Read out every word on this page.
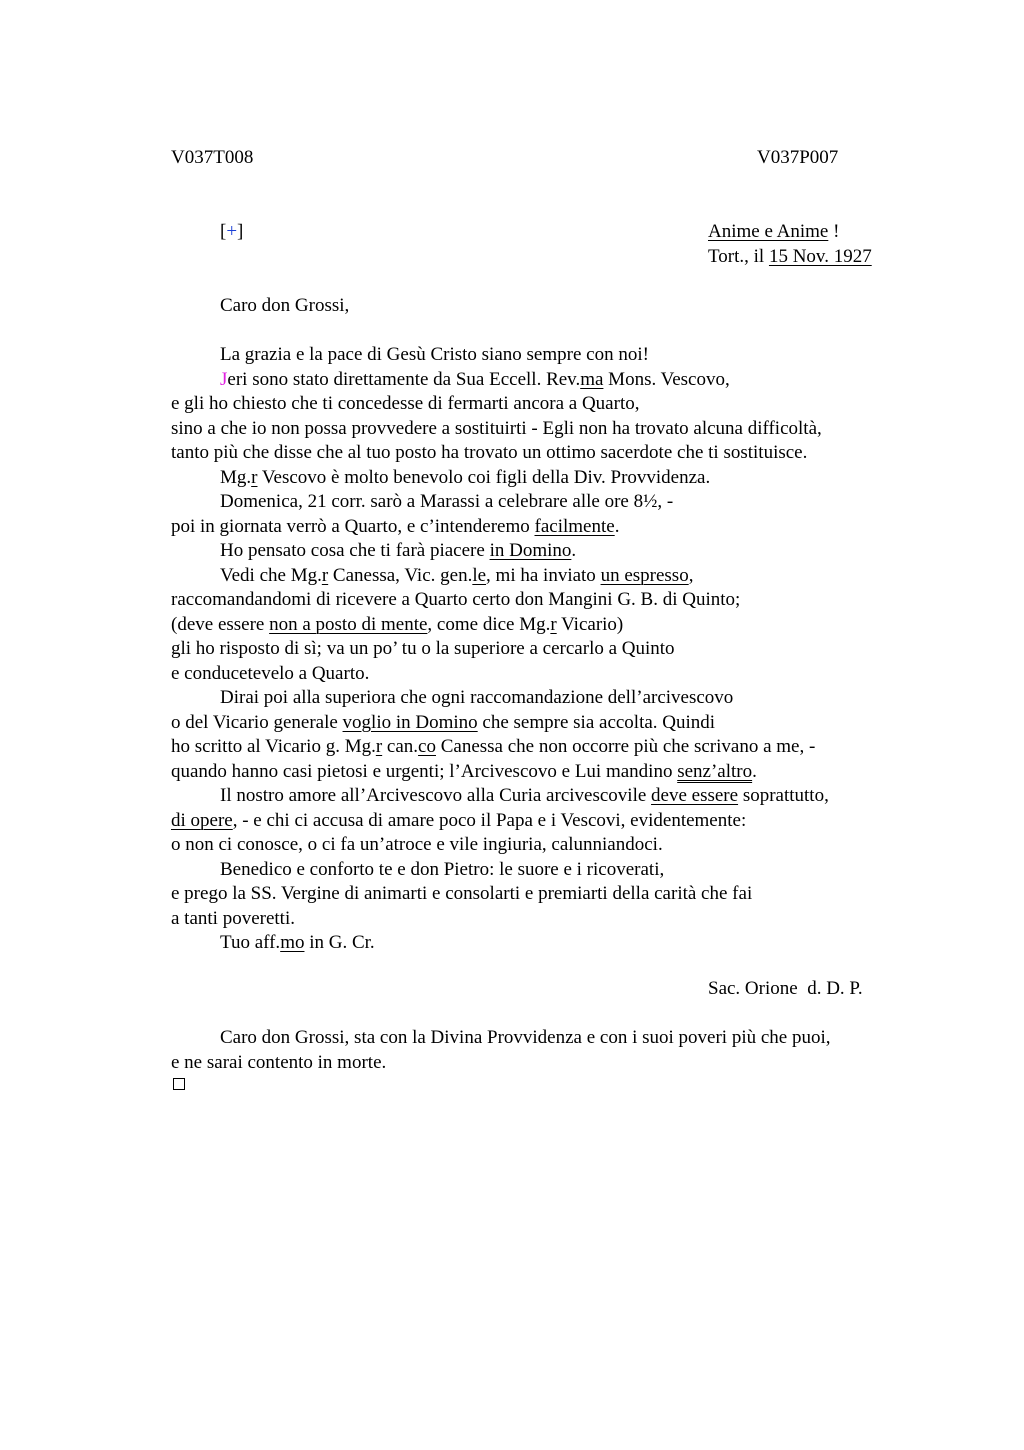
V037T008	V037P007
[+]	Anime e Anime !
Tort., il 15 Nov. 1927
Caro don Grossi,
La grazia e la pace di Gesù Cristo siano sempre con noi!
Jeri sono stato direttamente da Sua Eccell. Rev.ma Mons. Vescovo,
e gli ho chiesto che ti concedesse di fermarti ancora a Quarto,
sino a che io non possa provvedere a sostituirti - Egli non ha trovato alcuna difficoltà,
tanto più che disse che al tuo posto ha trovato un ottimo sacerdote che ti sostituisce.
Mg.r Vescovo è molto benevolo coi figli della Div. Provvidenza.
Domenica, 21 corr. sarò a Marassi a celebrare alle ore 8½, -
poi in giornata verrò a Quarto, e c’intenderemo facilmente.
Ho pensato cosa che ti farà piacere in Domino.
Vedi che Mg.r Canessa, Vic. gen.le, mi ha inviato un espresso,
raccomandandomi di ricevere a Quarto certo don Mangini G. B. di Quinto;
(deve essere non a posto di mente, come dice Mg.r Vicario)
gli ho risposto di sì; va un po’ tu o la superiore a cercarlo a Quinto
e conducetevelo a Quarto.
Dirai poi alla superiora che ogni raccomandazione dell’arcivescovo
o del Vicario generale voglio in Domino che sempre sia accolta. Quindi
ho scritto al Vicario g. Mg.r can.co Canessa che non occorre più che scrivano a me, -
quando hanno casi pietosi e urgenti; l’Arcivescovo e Lui mandino senz’altro.
Il nostro amore all’Arcivescovo alla Curia arcivescovile deve essere soprattutto,
di opere, - e chi ci accusa di amare poco il Papa e i Vescovi, evidentemente:
o non ci conosce, o ci fa un’atroce e vile ingiuria, calunniandoci.
Benedico e conforto te e don Pietro: le suore e i ricoverati,
e prego la SS. Vergine di animarti e consolarti e premiarti della carità che fai
a tanti poveretti.
Tuo aff.mo in G. Cr.
Sac. Orione  d. D. P.
Caro don Grossi, sta con la Divina Provvidenza e con i suoi poveri più che puoi,
e ne sarai contento in morte.
